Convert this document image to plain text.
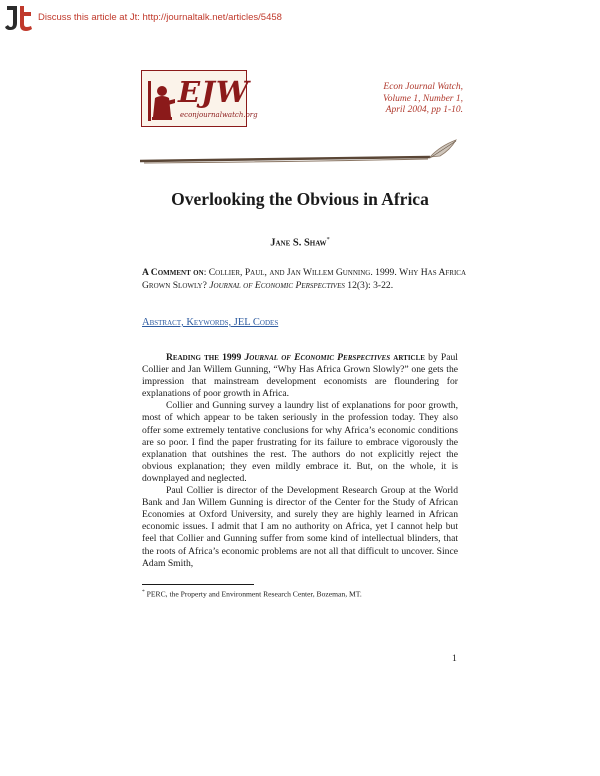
Discuss this article at Jt: http://journaltalk.net/articles/5458
EJW
econjournalwatch.org
Econ Journal Watch,
Volume 1, Number 1,
April 2004, pp 1-10.
Overlooking the Obvious in Africa
Jane S. Shaw*
A Comment on: Collier, Paul, and Jan Willem Gunning. 1999. Why Has Africa Grown Slowly? Journal of Economic Perspectives 12(3): 3-22.
Abstract, Keywords, JEL Codes

Reading the 1999 Journal of Economic Perspectives article by Paul Collier and Jan Willem Gunning, “Why Has Africa Grown Slowly?” one gets the impression that mainstream development economists are floundering for explanations of poor growth in Africa.

Collier and Gunning survey a laundry list of explanations for poor growth, most of which appear to be taken seriously in the profession today. They also offer some extremely tentative conclusions for why Africa’s economic conditions are so poor. I find the paper frustrating for its failure to embrace vigorously the explanation that outshines the rest. The authors do not explicitly reject the obvious explanation; they even mildly embrace it. But, on the whole, it is downplayed and neglected.

Paul Collier is director of the Development Research Group at the World Bank and Jan Willem Gunning is director of the Center for the Study of African Economies at Oxford University, and surely they are highly learned in African economic issues. I admit that I am no authority on Africa, yet I cannot help but feel that Collier and Gunning suffer from some kind of intellectual blinders, that the roots of Africa’s economic problems are not all that difficult to uncover. Since Adam Smith,

* PERC, the Property and Environment Research Center, Bozeman, MT.
1
